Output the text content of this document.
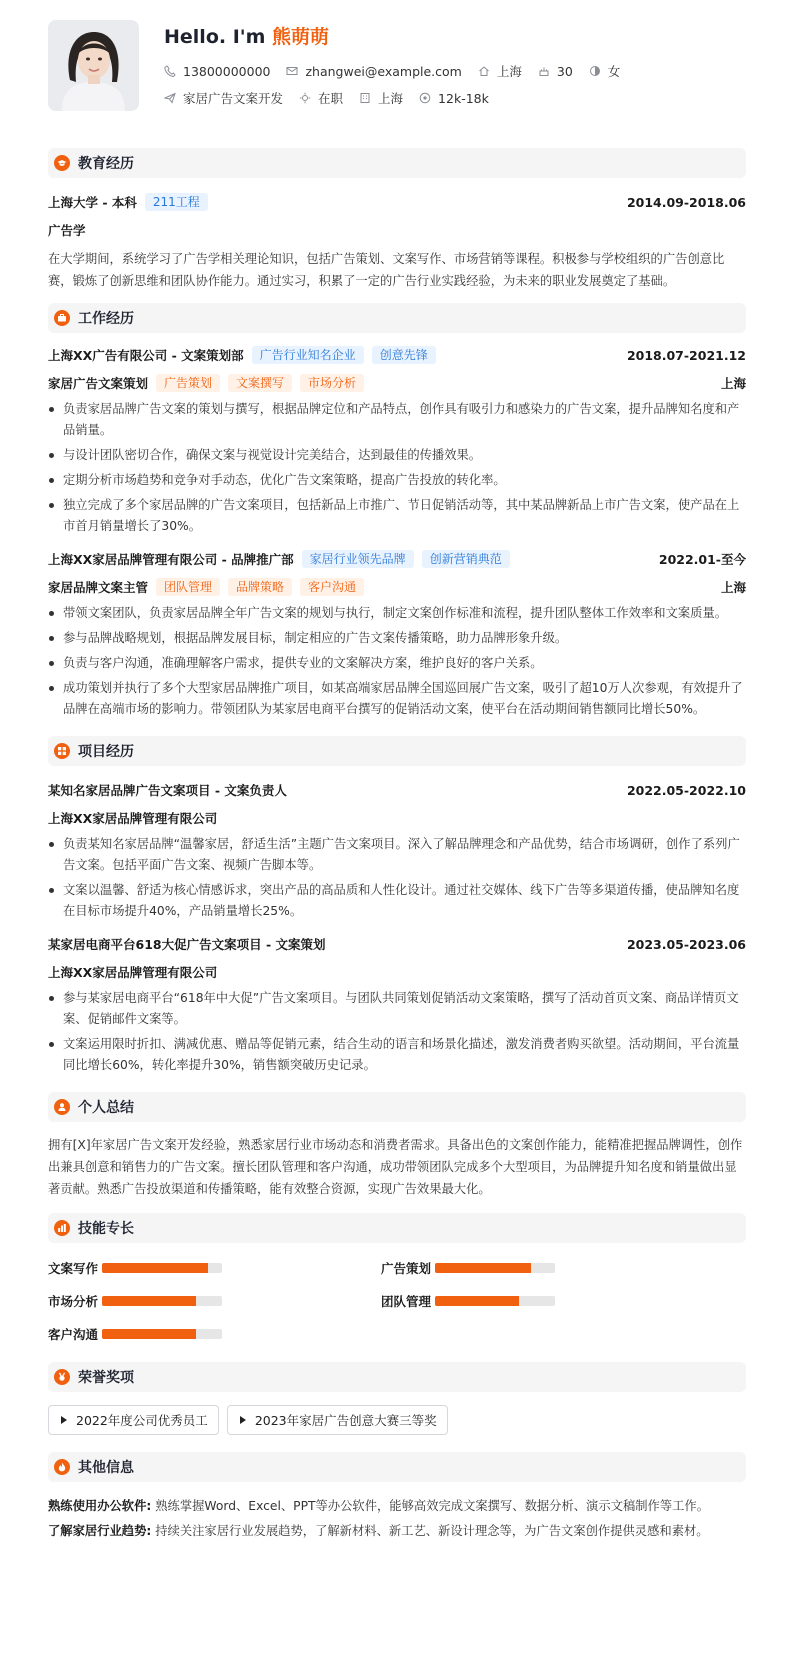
Hello. I'm 熊萌萌
13800000000	zhangwei@example.com	上海	30	女
家居广告文案开发	在职	上海	12k-18k
教育经历
上海大学 - 本科	211工程	2014.09-2018.06
广告学

在大学期间，系统学习了广告学相关理论知识，包括广告策划、文案写作、市场营销等课程。积极参与学校组织的广告创意比赛，锻炼了创新思维和团队协作能力。通过实习，积累了一定的广告行业实践经验，为未来的职业发展奠定了基础。

工作经历
上海XX广告有限公司 - 文案策划部	广告行业知名企业	创意先锋	2018.07-2021.12
家居广告文案策划	广告策划	文案撰写	市场分析	上海
负责家居品牌广告文案的策划与撰写，根据品牌定位和产品特点，创作具有吸引力和感染力的广告文案，提升品牌知名度和产品销量。
与设计团队密切合作，确保文案与视觉设计完美结合，达到最佳的传播效果。
定期分析市场趋势和竞争对手动态，优化广告文案策略，提高广告投放的转化率。
独立完成了多个家居品牌的广告文案项目，包括新品上市推广、节日促销活动等，其中某品牌新品上市广告文案，使产品在上市首月销量增长了30%。
上海XX家居品牌管理有限公司 - 品牌推广部	家居行业领先品牌	创新营销典范	2022.01-至今
家居品牌文案主管	团队管理	品牌策略	客户沟通	上海
带领文案团队，负责家居品牌全年广告文案的规划与执行，制定文案创作标准和流程，提升团队整体工作效率和文案质量。
参与品牌战略规划，根据品牌发展目标，制定相应的广告文案传播策略，助力品牌形象升级。
负责与客户沟通，准确理解客户需求，提供专业的文案解决方案，维护良好的客户关系。
成功策划并执行了多个大型家居品牌推广项目，如某高端家居品牌全国巡回展广告文案，吸引了超10万人次参观，有效提升了品牌在高端市场的影响力。带领团队为某家居电商平台撰写的促销活动文案，使平台在活动期间销售额同比增长50%。
项目经历
某知名家居品牌广告文案项目 - 文案负责人	2022.05-2022.10
上海XX家居品牌管理有限公司
负责某知名家居品牌“温馨家居，舒适生活”主题广告文案项目。深入了解品牌理念和产品优势，结合市场调研，创作了系列广告文案。包括平面广告文案、视频广告脚本等。
文案以温馨、舒适为核心情感诉求，突出产品的高品质和人性化设计。通过社交媒体、线下广告等多渠道传播，使品牌知名度在目标市场提升40%，产品销量增长25%。
某家居电商平台618大促广告文案项目 - 文案策划	2023.05-2023.06
上海XX家居品牌管理有限公司
参与某家居电商平台“618年中大促”广告文案项目。与团队共同策划促销活动文案策略，撰写了活动首页文案、商品详情页文案、促销邮件文案等。
文案运用限时折扣、满减优惠、赠品等促销元素，结合生动的语言和场景化描述，激发消费者购买欲望。活动期间，平台流量同比增长60%，转化率提升30%，销售额突破历史记录。
个人总结

拥有[X]年家居广告文案开发经验，熟悉家居行业市场动态和消费者需求。具备出色的文案创作能力，能精准把握品牌调性，创作出兼具创意和销售力的广告文案。擅长团队管理和客户沟通，成功带领团队完成多个大型项目，为品牌提升知名度和销量做出显著贡献。熟悉广告投放渠道和传播策略，能有效整合资源，实现广告效果最大化。

技能专长
文案写作	广告策划
市场分析	团队管理
客户沟通
荣誉奖项
2022年度公司优秀员工	2023年家居广告创意大赛三等奖
其他信息

熟练使用办公软件: 熟练掌握Word、Excel、PPT等办公软件，能够高效完成文案撰写、数据分析、演示文稿制作等工作。

了解家居行业趋势: 持续关注家居行业发展趋势，了解新材料、新工艺、新设计理念等，为广告文案创作提供灵感和素材。
